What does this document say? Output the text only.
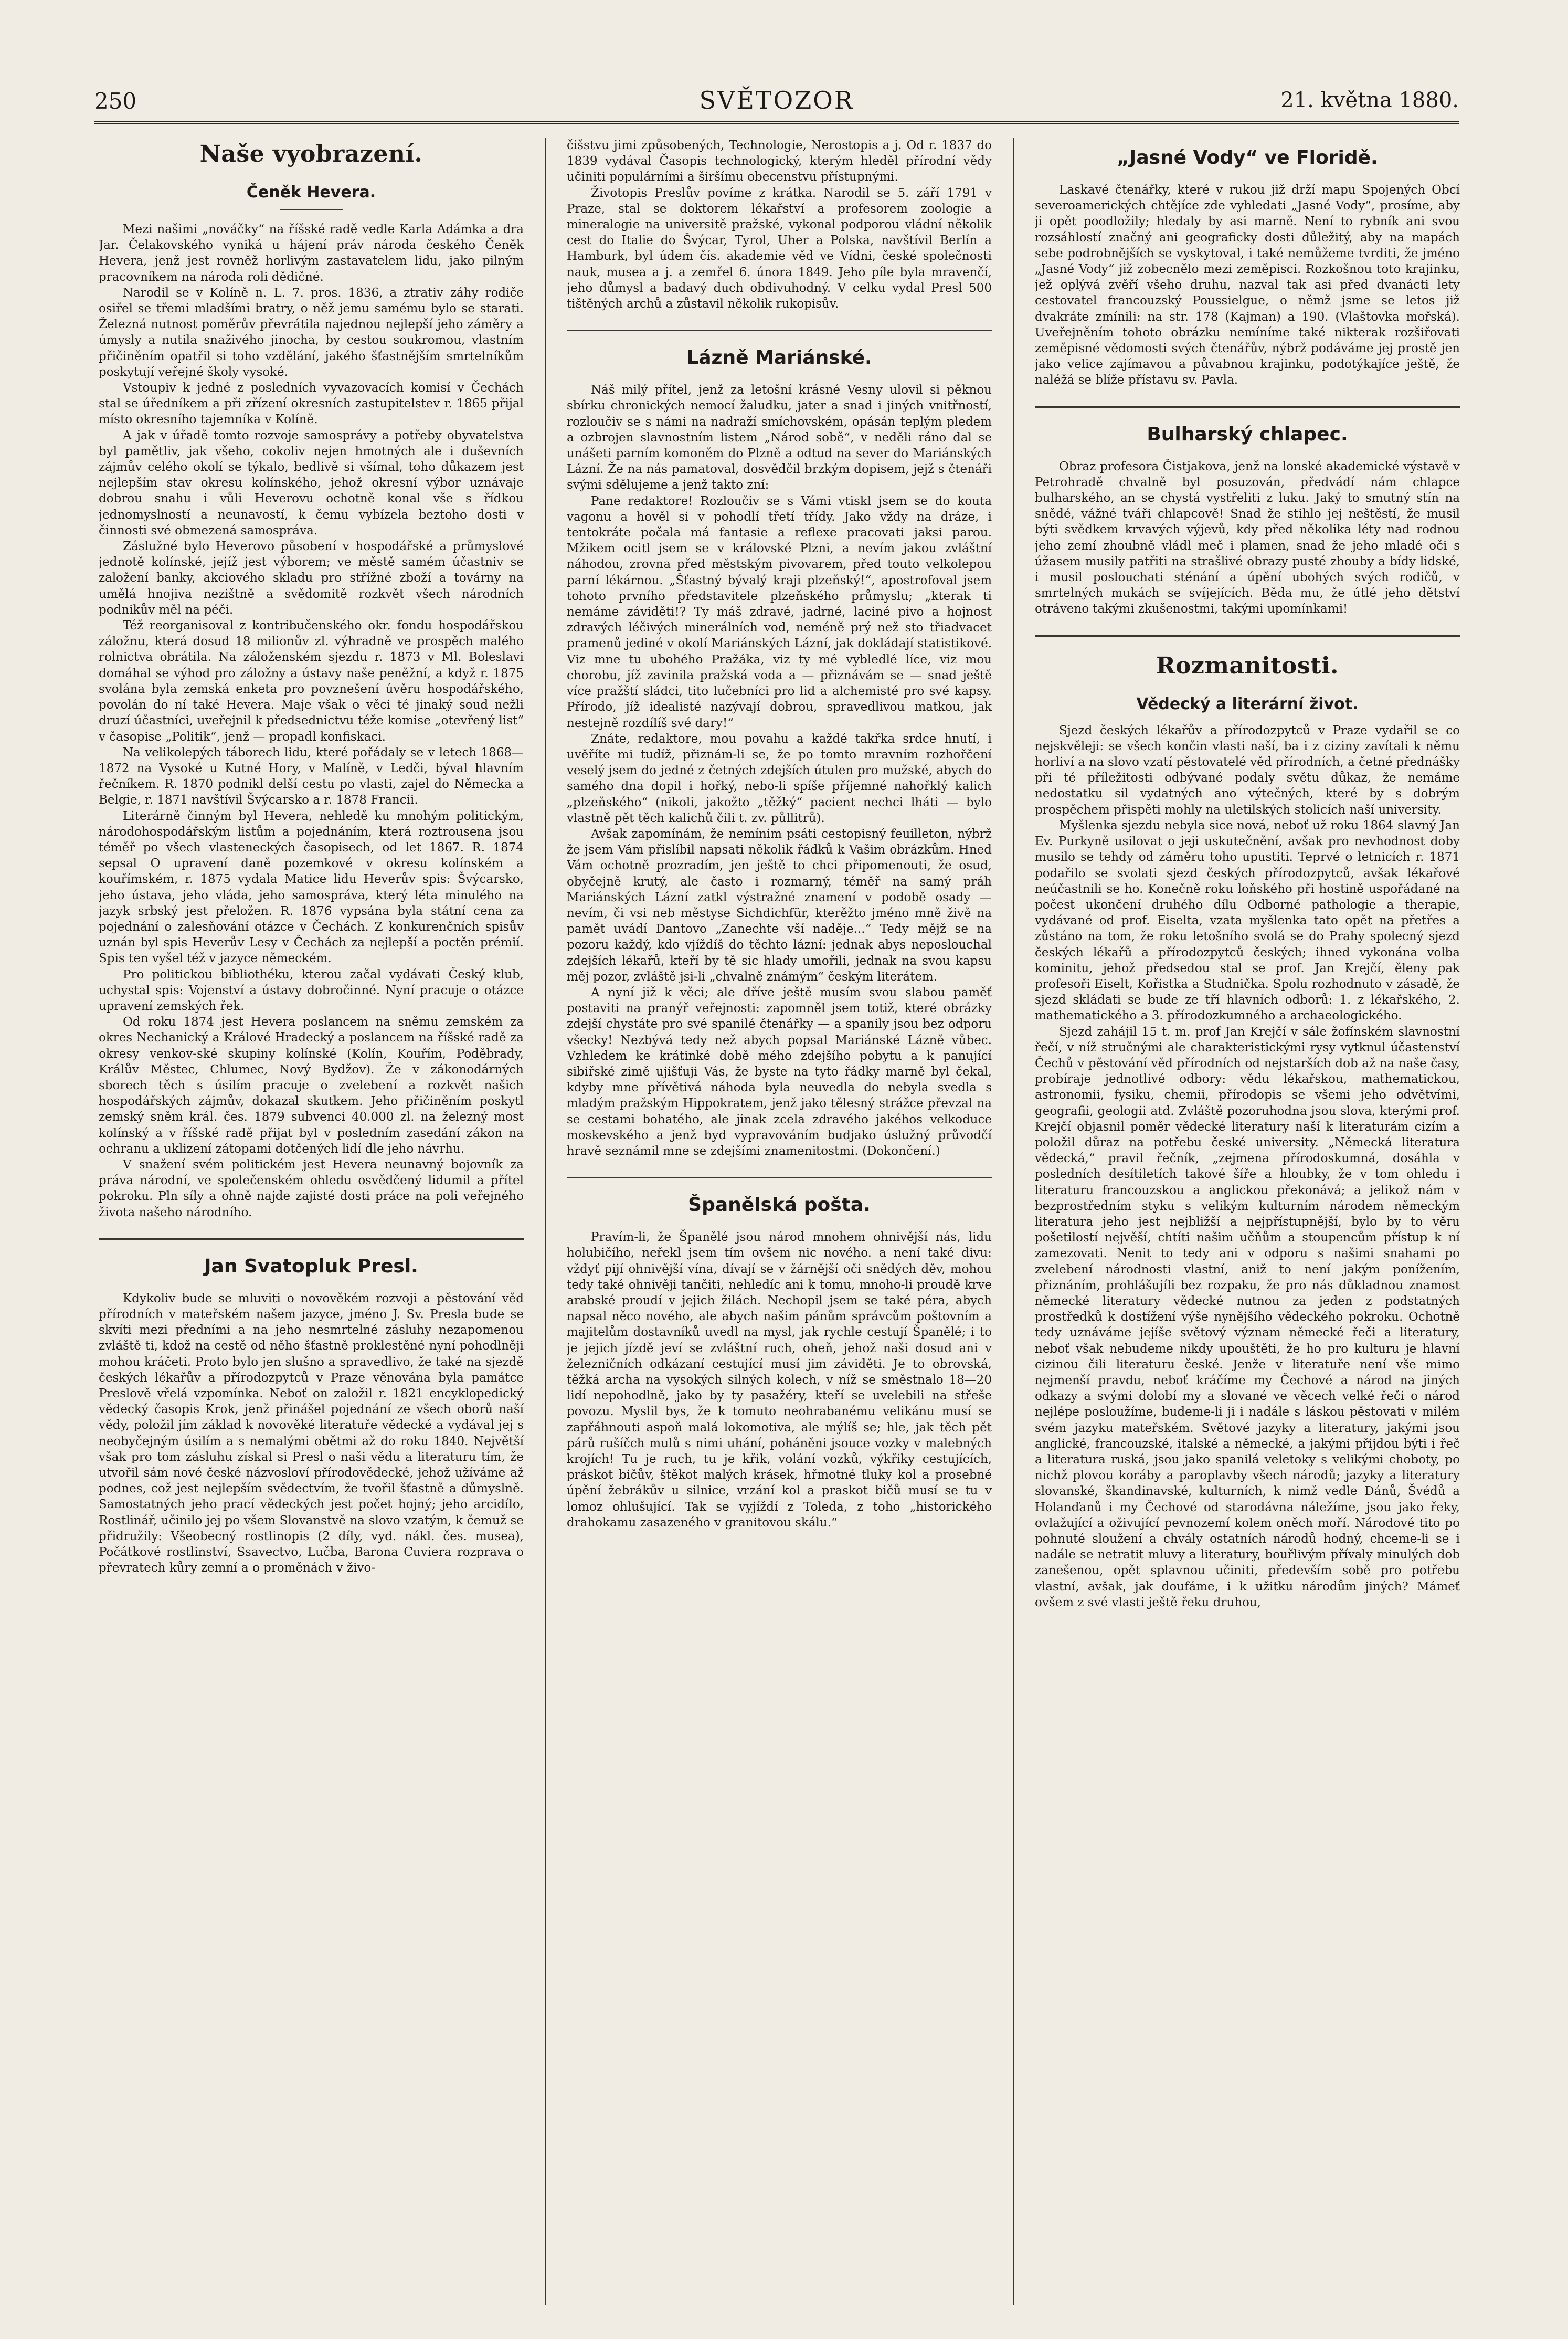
250	SVĚTOZOR	21. května 1880.
Naše vyobrazení.
Čeněk Hevera.

Mezi našimi „nováčky“ na říšské radě vedle Karla Adámka a dra Jar. Čelakovského vyniká u hájení práv národa českého Čeněk Hevera, jenž jest rovněž horlivým zastavatelem lidu, jako pilným pracovníkem na národa roli dědičné.

Narodil se v Kolíně n. L. 7. pros. 1836, a ztrativ záhy rodiče osiřel se třemi mladšími bratry, o něž jemu samému bylo se starati. Železná nutnost poměrův převrátila najednou nejlepší jeho záměry a úmysly a nutila snaživého jinocha, by cestou soukromou, vlastním přičiněním opatřil si toho vzdělání, jakého šťastnějším smrtelníkům poskytují veřejné školy vysoké.

Vstoupiv k jedné z posledních vyvazovacích komisí v Čechách stal se úředníkem a při zřízení okresních zastupitelstev r. 1865 přijal místo okresního tajemníka v Kolíně.

A jak v úřadě tomto rozvoje samosprávy a potřeby obyvatelstva byl pamětliv, jak všeho, cokoliv nejen hmotných ale i duševních zájmův celého okolí se týkalo, bedlivě si všímal, toho důkazem jest nejlepším stav okresu kolínského, jehož okresní výbor uznávaje dobrou snahu i vůli Heverovu ochotně konal vše s řídkou jednomyslností a neunavostí, k čemu vybízela beztoho dosti v činnosti své obmezená samospráva.

Záslužné bylo Heverovo působení v hospodářské a průmyslové jednotě kolínské, jejíž jest výborem; ve městě samém účastniv se založení banky, akciového skladu pro střížné zboží a továrny na umělá hnojiva nezištně a svědomitě rozkvět všech národních podnikův měl na péči.

Též reorganisoval z kontribučenského okr. fondu hospodářskou záložnu, která dosud 18 milionův zl. výhradně ve prospěch malého rolnictva obrátila. Na záloženském sjezdu r. 1873 v Ml. Boleslavi domáhal se výhod pro záložny a ústavy naše peněžní, a když r. 1875 svolána byla zemská enketa pro povznešení úvěru hospodářského, povolán do ní také Hevera. Maje však o věci té jinaký soud nežli druzí účastníci, uveřejnil k předsednictvu téže komise „otevřený list“ v časopise „Politik“, jenž — propadl konfiskaci.

Na velikolepých táborech lidu, které pořádaly se v letech 1868—1872 na Vysoké u Kutné Hory, v Malíně, v Ledči, býval hlavním řečníkem. R. 1870 podnikl delší cestu po vlasti, zajel do Německa a Belgie, r. 1871 navštívil Švýcarsko a r. 1878 Francii.

Literárně činným byl Hevera, nehledě ku mnohým politickým, národohospodářským listům a pojednáním, která roztrousena jsou téměř po všech vlasteneckých časopisech, od let 1867. R. 1874 sepsal O upravení daně pozemkové v okresu kolínském a kouřímském, r. 1875 vydala Matice lidu Heverův spis: Švýcarsko, jeho ústava, jeho vláda, jeho samospráva, který léta minulého na jazyk srbský jest přeložen. R. 1876 vypsána byla státní cena za pojednání o zalesňování otázce v Čechách. Z konkurenčních spisův uznán byl spis Heverův Lesy v Čechách za nejlepší a poctěn prémií. Spis ten vyšel též v jazyce německém.

Pro politickou bibliothéku, kterou začal vydávati Český klub, uchystal spis: Vojenství a ústavy dobročinné. Nyní pracuje o otázce upravení zemských řek.

Od roku 1874 jest Hevera poslancem na sněmu zemském za okres Nechanický a Králové Hradecký a poslancem na říšské radě za okresy venkov-ské skupiny kolínské (Kolín, Kouřím, Poděbrady, Králův Městec, Chlumec, Nový Bydžov). Že v zákonodárných sborech těch s úsilím pracuje o zvelebení a rozkvět našich hospodářských zájmův, dokazal skutkem. Jeho přičiněním poskytl zemský sněm král. čes. 1879 subvenci 40.000 zl. na železný most kolínský a v říšské radě přijat byl v posledním zasedání zákon na ochranu a uklizení zátopami dotčených lidí dle jeho návrhu.

V snažení svém politickém jest Hevera neunavný bojovník za práva národní, ve společenském ohledu osvědčený lidumil a přítel pokroku. Pln síly a ohně najde zajisté dosti práce na poli veřejného života našeho národního.

Jan Svatopluk Presl.

Kdykoliv bude se mluviti o novověkém rozvoji a pěstování věd přírodních v mateřském našem jazyce, jméno J. Sv. Presla bude se skvíti mezi předními a na jeho nesmrtelné zásluhy nezapomenou zvláště ti, kdož na cestě od něho šťastně proklestěné nyní pohodlněji mohou kráčeti. Proto bylo jen slušno a spravedlivo, že také na sjezdě českých lékařův a přírodozpytců v Praze věnována byla památce Preslově vřelá vzpomínka. Neboť on založil r. 1821 encyklopedický vědecký časopis Krok, jenž přinášel pojednání ze všech oborů naší vědy, položil jím základ k novověké literatuře vědecké a vydával jej s neobyčejným úsilím a s nemalými obětmi až do roku 1840. Největší však pro tom zásluhu získal si Presl o naši vědu a literaturu tím, že utvořil sám nové české názvosloví přírodovědecké, jehož užíváme až podnes, což jest nejlepším svědectvím, že tvořil šťastně a důmyslně. Samostatných jeho prací vědeckých jest počet hojný; jeho arcidílo, Rostlinář, učinilo jej po všem Slovanstvě na slovo vzatým, k čemuž se přidružily: Všeobecný rostlinopis (2 díly, vyd. nákl. čes. musea), Počátkové rostlinství, Ssavectvo, Lučba, Barona Cuviera rozprava o převratech kůry zemní a o proměnách v živo-

čišstvu jimi způsobených, Technologie, Nerostopis a j. Od r. 1837 do 1839 vydával Časopis technologický, kterým hleděl přírodní vědy učiniti populárními a širšímu obecenstvu přístupnými.

Životopis Preslův povíme z krátka. Narodil se 5. září 1791 v Praze, stal se doktorem lékařství a profesorem zoologie a mineralogie na universitě pražské, vykonal podporou vládní několik cest do Italie do Švýcar, Tyrol, Uher a Polska, navštívil Berlín a Hamburk, byl údem čís. akademie věd ve Vídni, české společnosti nauk, musea a j. a zemřel 6. února 1849. Jeho píle byla mravenčí, jeho důmysl a badavý duch obdivuhodný. V celku vydal Presl 500 tištěných archů a zůstavil několik rukopisův.

Lázně Mariánské.

Náš milý přítel, jenž za letošní krásné Vesny ulovil si pěknou sbírku chronických nemocí žaludku, jater a snad i jiných vnitřností, rozloučiv se s námi na nadraží smíchovském, opásán teplým pledem a ozbrojen slavnostním listem „Národ sobě“, v neděli ráno dal se unášeti parním komoněm do Plzně a odtud na sever do Mariánských Lázní. Že na nás pamatoval, dosvědčil brzkým dopisem, jejž s čtenáři svými sdělujeme a jenž takto zní:

Pane redaktore! Rozloučiv se s Vámi vtiskl jsem se do kouta vagonu a hověl si v pohodlí třetí třídy. Jako vždy na dráze, i tentokráte počala má fantasie a reflexe pracovati jaksi parou. Mžikem ocitl jsem se v královské Plzni, a nevím jakou zvláštní náhodou, zrovna před městským pivovarem, před touto velkolepou parní lékárnou. „Šťastný bývalý kraji plzeňský!“, apostrofoval jsem tohoto prvního představitele plzeňského průmyslu; „kterak ti nemáme záviděti!? Ty máš zdravé, jadrné, laciné pivo a hojnost zdravých léčivých minerálních vod, neméně prý než sto třiadvacet pramenů jediné v okolí Mariánských Lázní, jak dokládají statistikové. Viz mne tu ubohého Pražáka, viz ty mé vybledlé líce, viz mou chorobu, jíž zavinila pražská voda a — přiznávám se — snad ještě více pražští sládci, tito lučebníci pro lid a alchemisté pro své kapsy. Přírodo, jíž idealisté nazývají dobrou, spravedlivou matkou, jak nestejně rozdílíš své dary!“

Znáte, redaktore, mou povahu a každé takřka srdce hnutí, i uvěříte mi tudíž, přiznám-li se, že po tomto mravním rozhořčení veselý jsem do jedné z četných zdejších útulen pro mužské, abych do samého dna dopil i hořký, nebo-li spíše příjemné nahořklý kalich „plzeňského“ (nikoli, jakožto „těžký“ pacient nechci lháti — bylo vlastně pět těch kalichů čili t. zv. půllitrů).

Avšak zapomínám, že nemínim psáti cestopisný feuilleton, nýbrž že jsem Vám přislíbil napsati několik řádků k Vašim obrázkům. Hned Vám ochotně prozradím, jen ještě to chci připomenouti, že osud, obyčejně krutý, ale často i rozmarný, téměř na samý práh Mariánských Lázní zatkl výstražné znamení v podobě osady — nevím, či vsi neb městyse Sichdichfür, kterěžto jméno mně živě na pamět uvádí Dantovo „Zanechte vší naděje...“ Tedy mějž se na pozoru každý, kdo vjíždíš do těchto lázní: jednak abys neposlouchal zdejších lékařů, kteří by tě sic hlady umořili, jednak na svou kapsu měj pozor, zvláště jsi-li „chvalně známým“ českým literátem.

A nyní již k věci; ale dříve ještě musím svou slabou paměť postaviti na pranýř veřejnosti: zapomněl jsem totiž, které obrázky zdejší chystáte pro své spanilé čtenářky — a spanily jsou bez odporu všecky! Nezbývá tedy než abych popsal Mariánské Lázně vůbec. Vzhledem ke krátinké době mého zdejšího pobytu a k panující sibiřské zimě ujišťuji Vás, že byste na tyto řádky marně byl čekal, kdyby mne přívětivá náhoda byla neuvedla do nebyla svedla s mladým pražským Hippokratem, jenž jako tělesný strážce převzal na se cestami bohatého, ale jinak zcela zdravého jakéhos velkoduce moskevského a jenž byd vypravováním budjako úslužný průvodčí hravě seznámil mne se zdejšími znamenitostmi. (Dokončení.)

Španělská pošta.

Pravím-li, že Španělé jsou národ mnohem ohnivější nás, lidu holubičího, neřekl jsem tím ovšem nic nového. a není také divu: vždyť pijí ohnivější vína, dívají se v žárnější oči snědých děv, mohou tedy také ohnivěji tančiti, nehledíc ani k tomu, mnoho-li proudě krve arabské proudí v jejich žilách. Nechopil jsem se také péra, abych napsal něco nového, ale abych našim pánům správcům poštovním a majitelům dostavníků uvedl na mysl, jak rychle cestují Španělé; i to je jejich jízdě jeví se zvláštní ruch, oheň, jehož naši dosud ani v železničních odkázaní cestující musí jim záviděti. Je to obrovská, těžká archa na vysokých silných kolech, v níž se směstnalo 18—20 lidí nepohodlně, jako by ty pasažéry, kteří se uvelebili na střeše povozu. Myslil bys, že k tomuto neohrabanému velikánu musí se zapřáhnouti aspoň malá lokomotiva, ale mýlíš se; hle, jak těch pět párů rušíčch mulů s nimi uhání, poháněni jsouce vozky v malebných krojích! Tu je ruch, tu je křik, volání vozků, výkřiky cestujících, práskot bičův, štěkot malých krásek, hřmotné tluky kol a prosebné úpění žebrákův u silnice, vrzání kol a praskot bičů musí se tu v lomoz ohlušující. Tak se vyjíždí z Toleda, z toho „historického drahokamu zasazeného v granitovou skálu.“

„Jasné Vody“ ve Floridě.

Laskavé čtenářky, které v rukou již drží mapu Spojených Obcí severoamerických chtějíce zde vyhledati „Jasné Vody“, prosíme, aby ji opět poodložily; hledaly by asi marně. Není to rybník ani svou rozsáhlostí značný ani geograficky dosti důležitý, aby na mapách sebe podrobnějších se vyskytoval, i také nemůžeme tvrditi, že jméno „Jasné Vody“ již zobecnělo mezi zeměpisci. Rozkošnou toto krajinku, jež oplývá zvěří všeho druhu, nazval tak asi před dvanácti lety cestovatel francouzský Poussielgue, o němž jsme se letos již dvakráte zmínili: na str. 178 (Kajman) a 190. (Vlaštovka mořská). Uveřejněním tohoto obrázku nemíníme také nikterak rozšiřovati zeměpisné vědomosti svých čtenářův, nýbrž podáváme jej prostě jen jako velice zajímavou a půvabnou krajinku, podotýkajíce ještě, že naléžá se blíže přístavu sv. Pavla.

Bulharský chlapec.

Obraz profesora Čistjakova, jenž na lonské akademické výstavě v Petrohradě chvalně byl posuzován, předvádí nám chlapce bulharského, an se chystá vystřeliti z luku. Jaký to smutný stín na snědé, vážné tváři chlapcově! Snad že stihlo jej neštěstí, že musil býti svědkem krvavých výjevů, kdy před několika léty nad rodnou jeho zemí zhoubně vládl meč i plamen, snad že jeho mladé oči s úžasem musily patřiti na strašlivé obrazy pusté zhouby a bídy lidské, i musil poslouchati sténání a úpění ubohých svých rodičů, v smrtelných mukách se svíjejících. Běda mu, že útlé jeho dětství otráveno takými zkušenostmi, takými upomínkami!

Rozmanitosti.
Vědecký a literární život.

Sjezd českých lékařův a přírodozpytců v Praze vydařil se co nejskvěleji: se všech končin vlasti naší, ba i z ciziny zavítali k němu horliví a na slovo vzatí pěstovatelé věd přírodních, a četné přednášky při té příležitosti odbývané podaly světu důkaz, že nemáme nedostatku sil vydatných ano výtečných, které by s dobrým prospěchem přispěti mohly na uletilských stolicích naší university.

Myšlenka sjezdu nebyla sice nová, neboť už roku 1864 slavný Jan Ev. Purkyně usilovat o jeji uskutečnění, avšak pro nevhodnost doby musilo se tehdy od záměru toho upustiti. Teprvé o letnicích r. 1871 podařilo se svolati sjezd českých přírodozpytců, avšak lékařové neúčastnili se ho. Konečně roku loňského při hostině uspořádané na počest ukončení druhého dílu Odborné pathologie a therapie, vydávané od prof. Eiselta, vzata myšlenka tato opět na přetřes a zůstáno na tom, že roku letošního svolá se do Prahy spolecný sjezd českých lékařů a přírodozpytců českých; ihned vykonána volba kominitu, jehož předsedou stal se prof. Jan Krejčí, ěleny pak profesoři Eiselt, Kořistka a Studnička. Spolu rozhodnuto v zásadě, že sjezd skládati se bude ze tří hlavních odborů: 1. z lékařského, 2. mathematického a 3. přírodozkumného a archaeologického.

Sjezd zahájil 15 t. m. prof Jan Krejčí v sále žofínském slavnostní řečí, v níž stručnými ale charakteristickými rysy vytknul účastenství Čechů v pěstování věd přírodních od nejstarších dob až na naše časy, probíraje jednotlivé odbory: vědu lékařskou, mathematickou, astronomii, fysiku, chemii, přírodopis se všemi jeho odvětvími, geografii, geologii atd. Zvláště pozoruhodna jsou slova, kterými prof. Krejčí objasnil poměr vědecké literatury naší k literaturám cizím a položil důraz na potřebu české university. „Německá literatura vědecká,“ pravil řečník, „zejmena přírodoskumná, dosáhla v posledních desítiletích takové šíře a hloubky, že v tom ohledu i literaturu francouzskou a anglickou překonává; a jelikož nám v bezprostředním styku s velikým kulturním národem německým literatura jeho jest nejbližší a nejpřístupnější, bylo by to věru pošetilostí nejvěší, chtíti našim učňům a stoupencům přístup k ní zamezovati. Nenit to tedy ani v odporu s našimi snahami po zvelebení národnosti vlastní, aniž to není jakým ponížením, přiznáním, prohlášujíli bez rozpaku, že pro nás důkladnou znamost německé literatury vědecké nutnou za jeden z podstatných prostředků k dostížení výše nynějšího vědeckého pokroku. Ochotně tedy uznáváme jejíše světový význam německé řeči a literatury, neboť však nebudeme nikdy upouštěti, že ho pro kulturu je hlavní cizinou čili literaturu české. Jenže v literatuře není vše mimo nejmenší pravdu, neboť kráčíme my Čechové a národ na jiných odkazy a svými dolobí my a slované ve věcech velké řeči o národ nejlépe posloužíme, budeme-li ji i nadále s láskou pěstovati v milém svém jazyku mateřském. Světové jazyky a literatury, jakými jsou anglické, francouzské, italské a německé, a jakými přijdou býti i řeč a literatura ruská, jsou jako spanilá veletoky s velikými choboty, po nichž plovou koráby a paroplavby všech národů; jazyky a literatury slovanské, škandinavské, kulturních, k nimž vedle Dánů, Švédů a Holanďanů i my Čechové od starodávna náležíme, jsou jako řeky, ovlažující a oživující pevnozemí kolem oněch moří. Národové tito po pohnuté sloužení a chvály ostatních národů hodný, chceme-li se i nadále se netratit mluvy a literatury, bouřlivým přívaly minulých dob zanešenou, opět splavnou učiniti, především sobě pro potřebu vlastní, avšak, jak doufáme, i k užitku národům jiných? Mámeť ovšem z své vlasti ještě řeku druhou,
